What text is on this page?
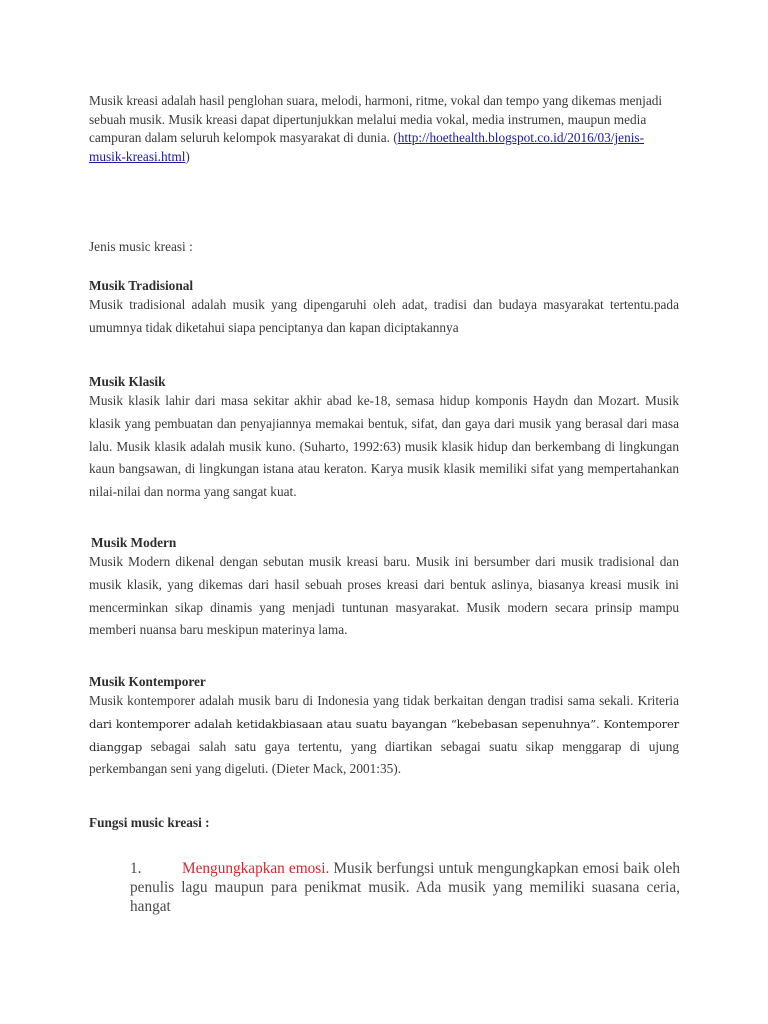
Musik kreasi adalah hasil penglohan suara, melodi, harmoni, ritme, vokal dan tempo yang dikemas menjadi sebuah musik. Musik kreasi dapat dipertunjukkan melalui media vokal, media instrumen, maupun media campuran dalam seluruh kelompok masyarakat di dunia. (http://hoethealth.blogspot.co.id/2016/03/jenis-musik-kreasi.html)

Jenis music kreasi :

Musik Tradisional

Musik tradisional adalah musik yang dipengaruhi oleh adat, tradisi dan budaya masyarakat tertentu.pada umumnya tidak diketahui siapa penciptanya dan kapan diciptakannya

Musik Klasik

Musik klasik lahir dari masa sekitar akhir abad ke-18, semasa hidup komponis Haydn dan Mozart. Musik klasik yang pembuatan dan penyajiannya memakai bentuk, sifat, dan gaya dari musik yang berasal dari masa lalu. Musik klasik adalah musik kuno. (Suharto, 1992:63) musik klasik hidup dan berkembang di lingkungan kaun bangsawan, di lingkungan istana atau keraton. Karya musik klasik memiliki sifat yang mempertahankan nilai-nilai dan norma yang sangat kuat.

Musik Modern

Musik Modern dikenal dengan sebutan musik kreasi baru. Musik ini bersumber dari musik tradisional dan musik klasik, yang dikemas dari hasil sebuah proses kreasi dari bentuk aslinya, biasanya kreasi musik ini mencerminkan sikap dinamis yang menjadi tuntunan masyarakat. Musik modern secara prinsip mampu memberi nuansa baru meskipun materinya lama.

Musik Kontemporer

Musik kontemporer adalah musik baru di Indonesia yang tidak berkaitan dengan tradisi sama sekali. Kriteria dari kontemporer adalah ketidakbiasaan atau suatu bayangan “kebebasan sepenuhnya”. Kontemporer dianggap sebagai salah satu gaya tertentu, yang diartikan sebagai suatu sikap menggarap di ujung perkembangan seni yang digeluti. (Dieter Mack, 2001:35).

Fungsi music kreasi :

1.	Mengungkapkan emosi. Musik berfungsi untuk mengungkapkan emosi baik oleh penulis lagu maupun para penikmat musik. Ada musik yang memiliki suasana ceria, hangat
